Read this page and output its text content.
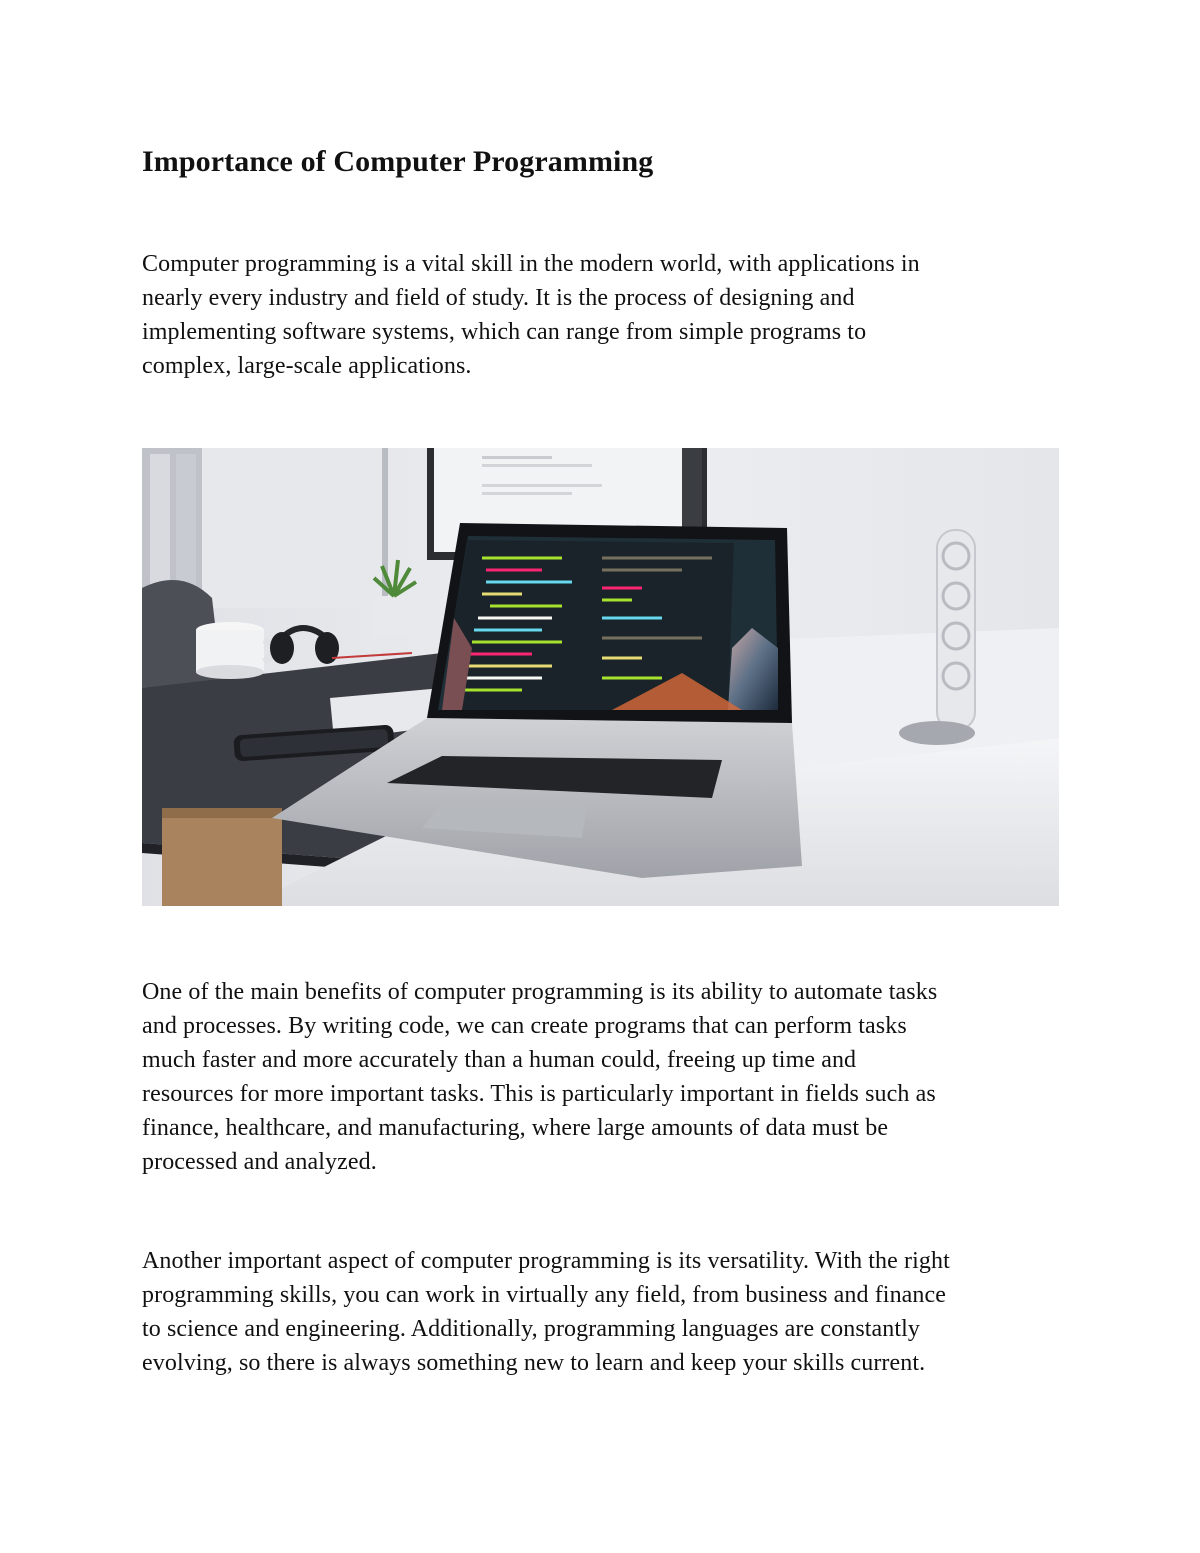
Importance of Computer Programming

Computer programming is a vital skill in the modern world, with applications in
nearly every industry and field of study. It is the process of designing and
implementing software systems, which can range from simple programs to
complex, large-scale applications.

One of the main benefits of computer programming is its ability to automate tasks
and processes. By writing code, we can create programs that can perform tasks
much faster and more accurately than a human could, freeing up time and
resources for more important tasks. This is particularly important in fields such as
finance, healthcare, and manufacturing, where large amounts of data must be
processed and analyzed.

Another important aspect of computer programming is its versatility. With the right
programming skills, you can work in virtually any field, from business and finance
to science and engineering. Additionally, programming languages are constantly
evolving, so there is always something new to learn and keep your skills current.
